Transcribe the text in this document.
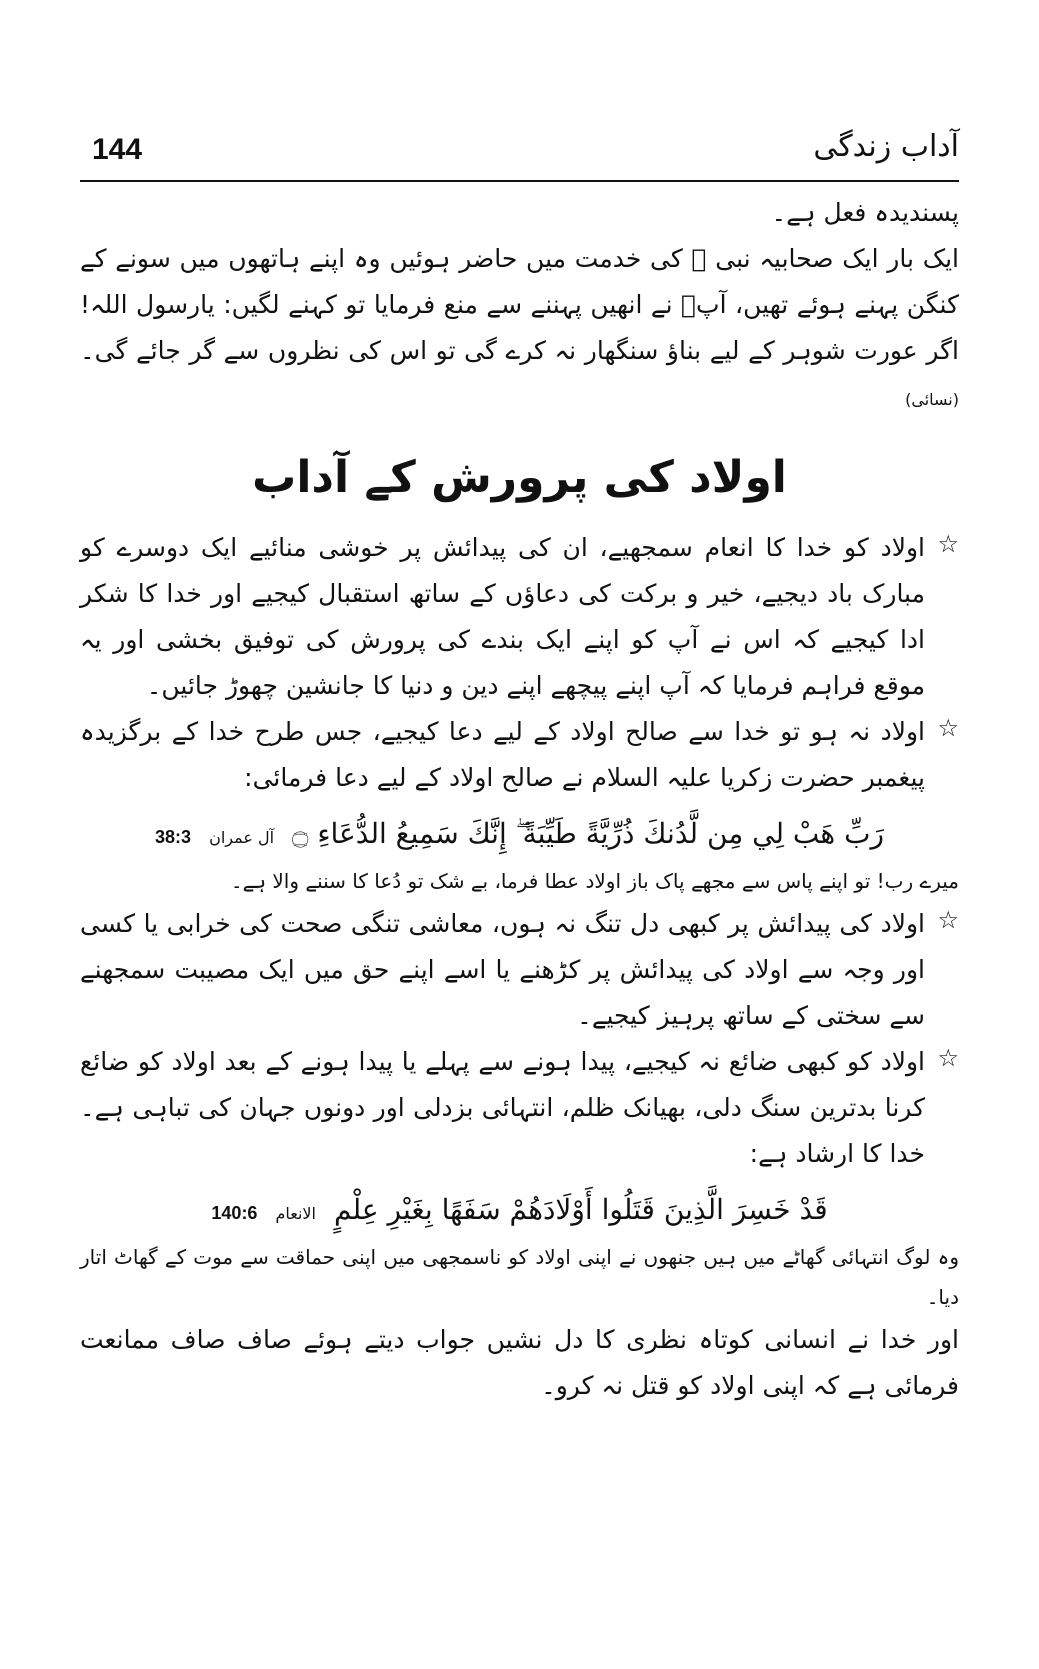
144	آداب زندگی
پسندیدہ فعل ہے۔

ایک بار ایک صحابیہ نبی ﷺ کی خدمت میں حاضر ہوئیں وہ اپنے ہاتھوں میں سونے کے کنگن پہنے ہوئے تھیں، آپؐ نے انھیں پہننے سے منع فرمایا تو کہنے لگیں: یارسول اللہ! اگر عورت شوہر کے لیے بناؤ سنگھار نہ کرے گی تو اس کی نظروں سے گر جائے گی۔ (نسائی)

اولاد کی پرورش کے آداب
☆

اولاد کو خدا کا انعام سمجھیے، ان کی پیدائش پر خوشی منائیے ایک دوسرے کو مبارک باد دیجیے، خیر و برکت کی دعاؤں کے ساتھ استقبال کیجیے اور خدا کا شکر ادا کیجیے کہ اس نے آپ کو اپنے ایک بندے کی پرورش کی توفیق بخشی اور یہ موقع فراہم فرمایا کہ آپ اپنے پیچھے اپنے دین و دنیا کا جانشین چھوڑ جائیں۔

☆

اولاد نہ ہو تو خدا سے صالح اولاد کے لیے دعا کیجیے، جس طرح خدا کے برگزیدہ پیغمبر حضرت زکریا علیہ السلام نے صالح اولاد کے لیے دعا فرمائی:

رَبِّ هَبْ لِي مِن لَّدُنكَ ذُرِّيَّةً طَيِّبَةً ۖ إِنَّكَ سَمِيعُ الدُّعَاءِ ۝
آل عمران
38:3

میرے رب! تو اپنے پاس سے مجھے پاک باز اولاد عطا فرما، بے شک تو دُعا کا سننے والا ہے۔

☆

اولاد کی پیدائش پر کبھی دل تنگ نہ ہوں، معاشی تنگی صحت کی خرابی یا کسی اور وجہ سے اولاد کی پیدائش پر کڑھنے یا اسے اپنے حق میں ایک مصیبت سمجھنے سے سختی کے ساتھ پرہیز کیجیے۔

☆

اولاد کو کبھی ضائع نہ کیجیے، پیدا ہونے سے پہلے یا پیدا ہونے کے بعد اولاد کو ضائع کرنا بدترین سنگ دلی، بھیانک ظلم، انتہائی بزدلی اور دونوں جہان کی تباہی ہے۔ خدا کا ارشاد ہے:

قَدْ خَسِرَ الَّذِينَ قَتَلُوا أَوْلَادَهُمْ سَفَهًا بِغَيْرِ عِلْمٍ
الانعام
140:6

وہ لوگ انتہائی گھاٹے میں ہیں جنھوں نے اپنی اولاد کو ناسمجھی میں اپنی حماقت سے موت کے گھاٹ اتار دیا۔

اور خدا نے انسانی کوتاہ نظری کا دل نشیں جواب دیتے ہوئے صاف صاف ممانعت فرمائی ہے کہ اپنی اولاد کو قتل نہ کرو۔
